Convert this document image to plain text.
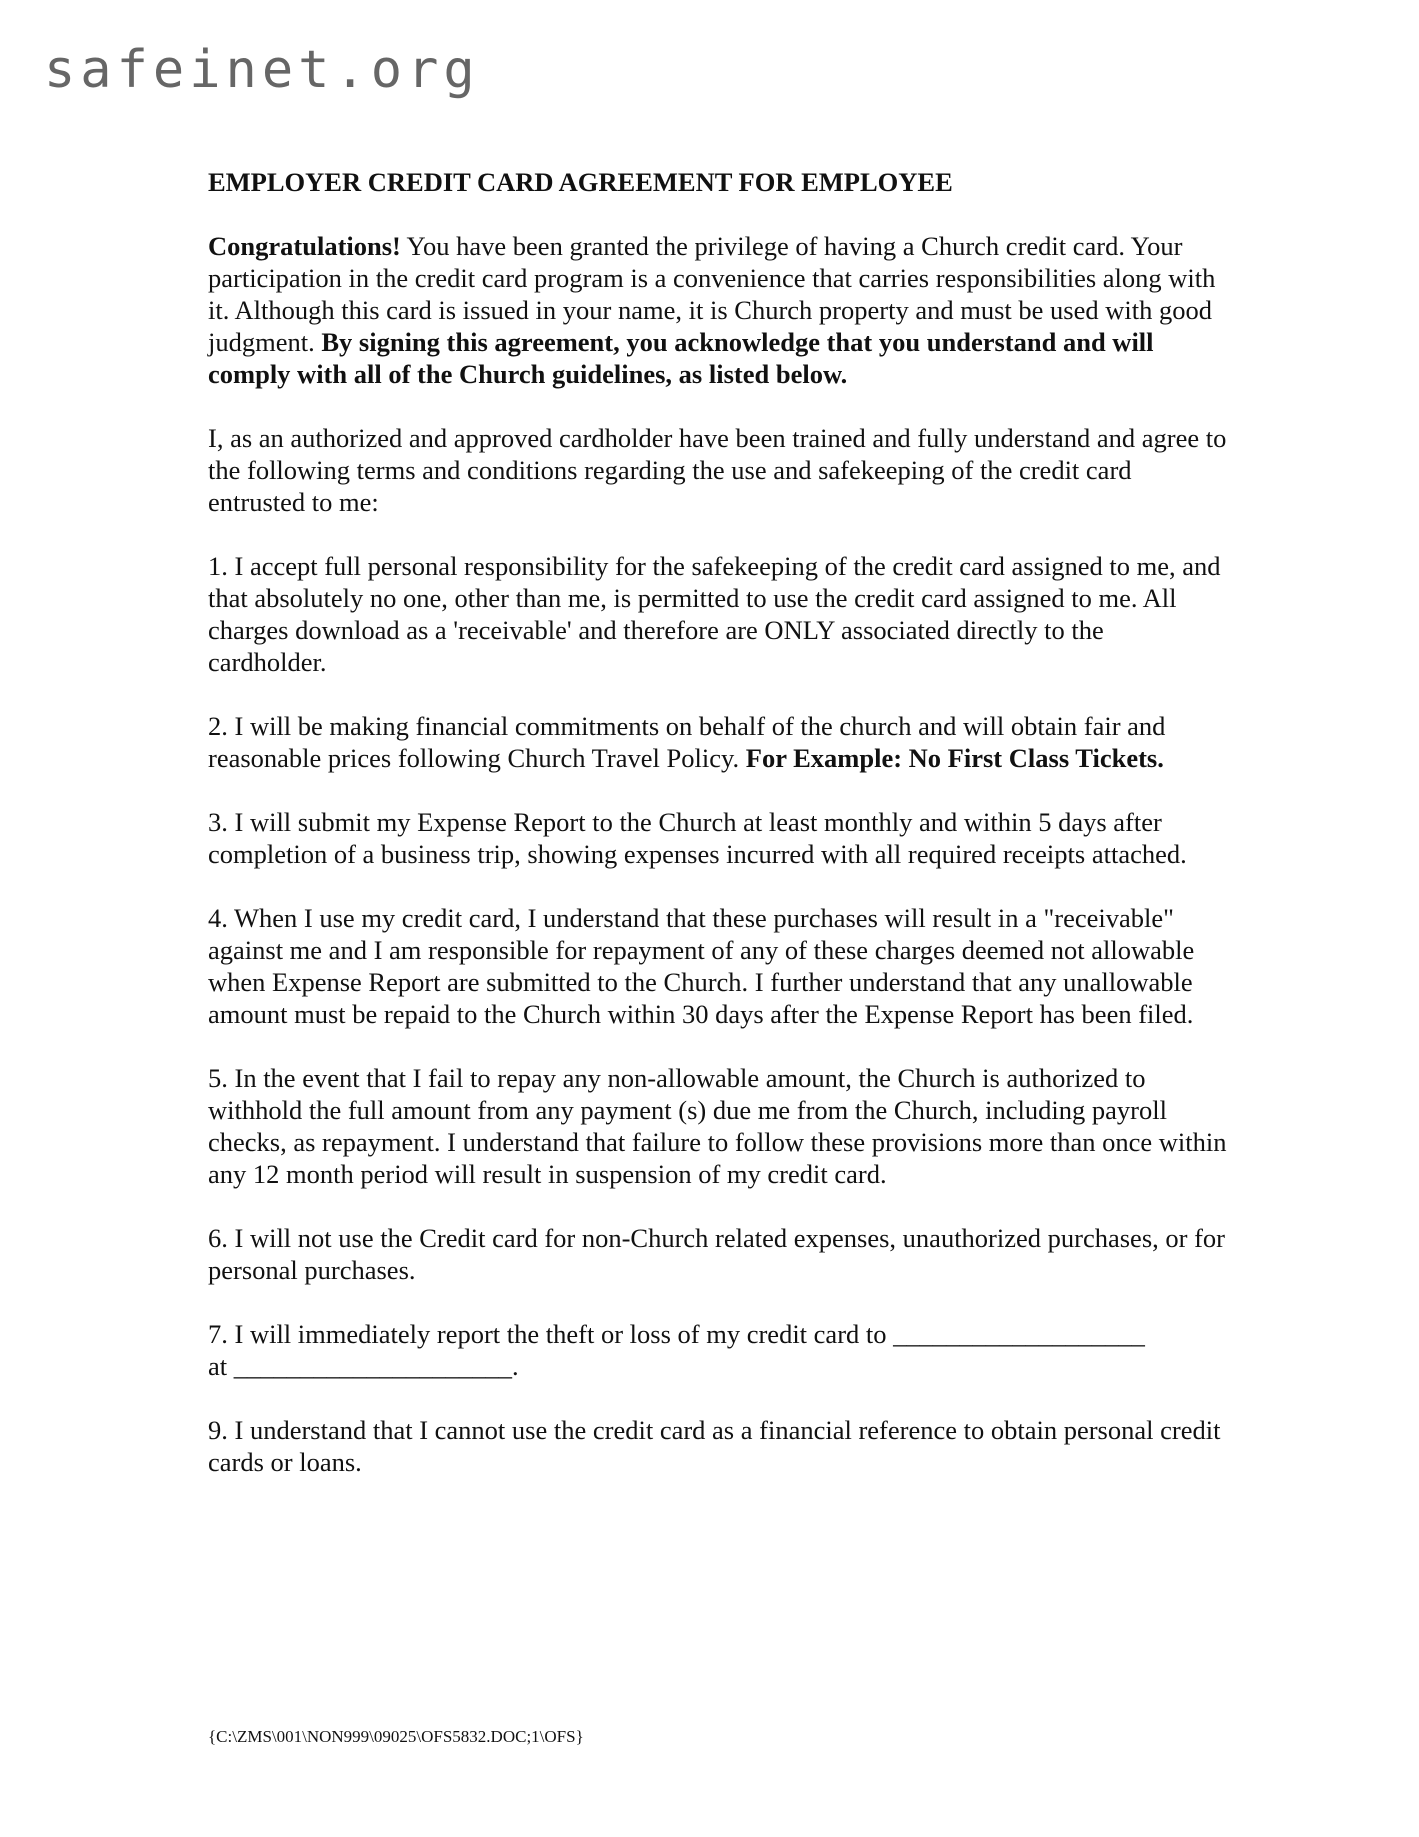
safeinet.org
EMPLOYER CREDIT CARD AGREEMENT FOR EMPLOYEE

Congratulations! You have been granted the privilege of having a Church credit card. Your participation in the credit card program is a convenience that carries responsibilities along with it. Although this card is issued in your name, it is Church property and must be used with good judgment. By signing this agreement, you acknowledge that you understand and will comply with all of the Church guidelines, as listed below.

I, as an authorized and approved cardholder have been trained and fully understand and agree to the following terms and conditions regarding the use and safekeeping of the credit card entrusted to me:

1. I accept full personal responsibility for the safekeeping of the credit card assigned to me, and that absolutely no one, other than me, is permitted to use the credit card assigned to me. All charges download as a 'receivable' and therefore are ONLY associated directly to the cardholder.

2. I will be making financial commitments on behalf of the church and will obtain fair and reasonable prices following Church Travel Policy. For Example: No First Class Tickets.

3. I will submit my Expense Report to the Church at least monthly and within 5 days after completion of a business trip, showing expenses incurred with all required receipts attached.

4. When I use my credit card, I understand that these purchases will result in a "receivable" against me and I am responsible for repayment of any of these charges deemed not allowable when Expense Report are submitted to the Church. I further understand that any unallowable amount must be repaid to the Church within 30 days after the Expense Report has been filed.

5. In the event that I fail to repay any non-allowable amount, the Church is authorized to withhold the full amount from any payment (s) due me from the Church, including payroll checks, as repayment. I understand that failure to follow these provisions more than once within any 12 month period will result in suspension of my credit card.

6. I will not use the Credit card for non-Church related expenses, unauthorized purchases, or for personal purchases.

7. I will immediately report the theft or loss of my credit card to ___________________
at _____________________.

9. I understand that I cannot use the credit card as a financial reference to obtain personal credit cards or loans.

{C:\ZMS\001\NON999\09025\OFS5832.DOC;1\OFS}
